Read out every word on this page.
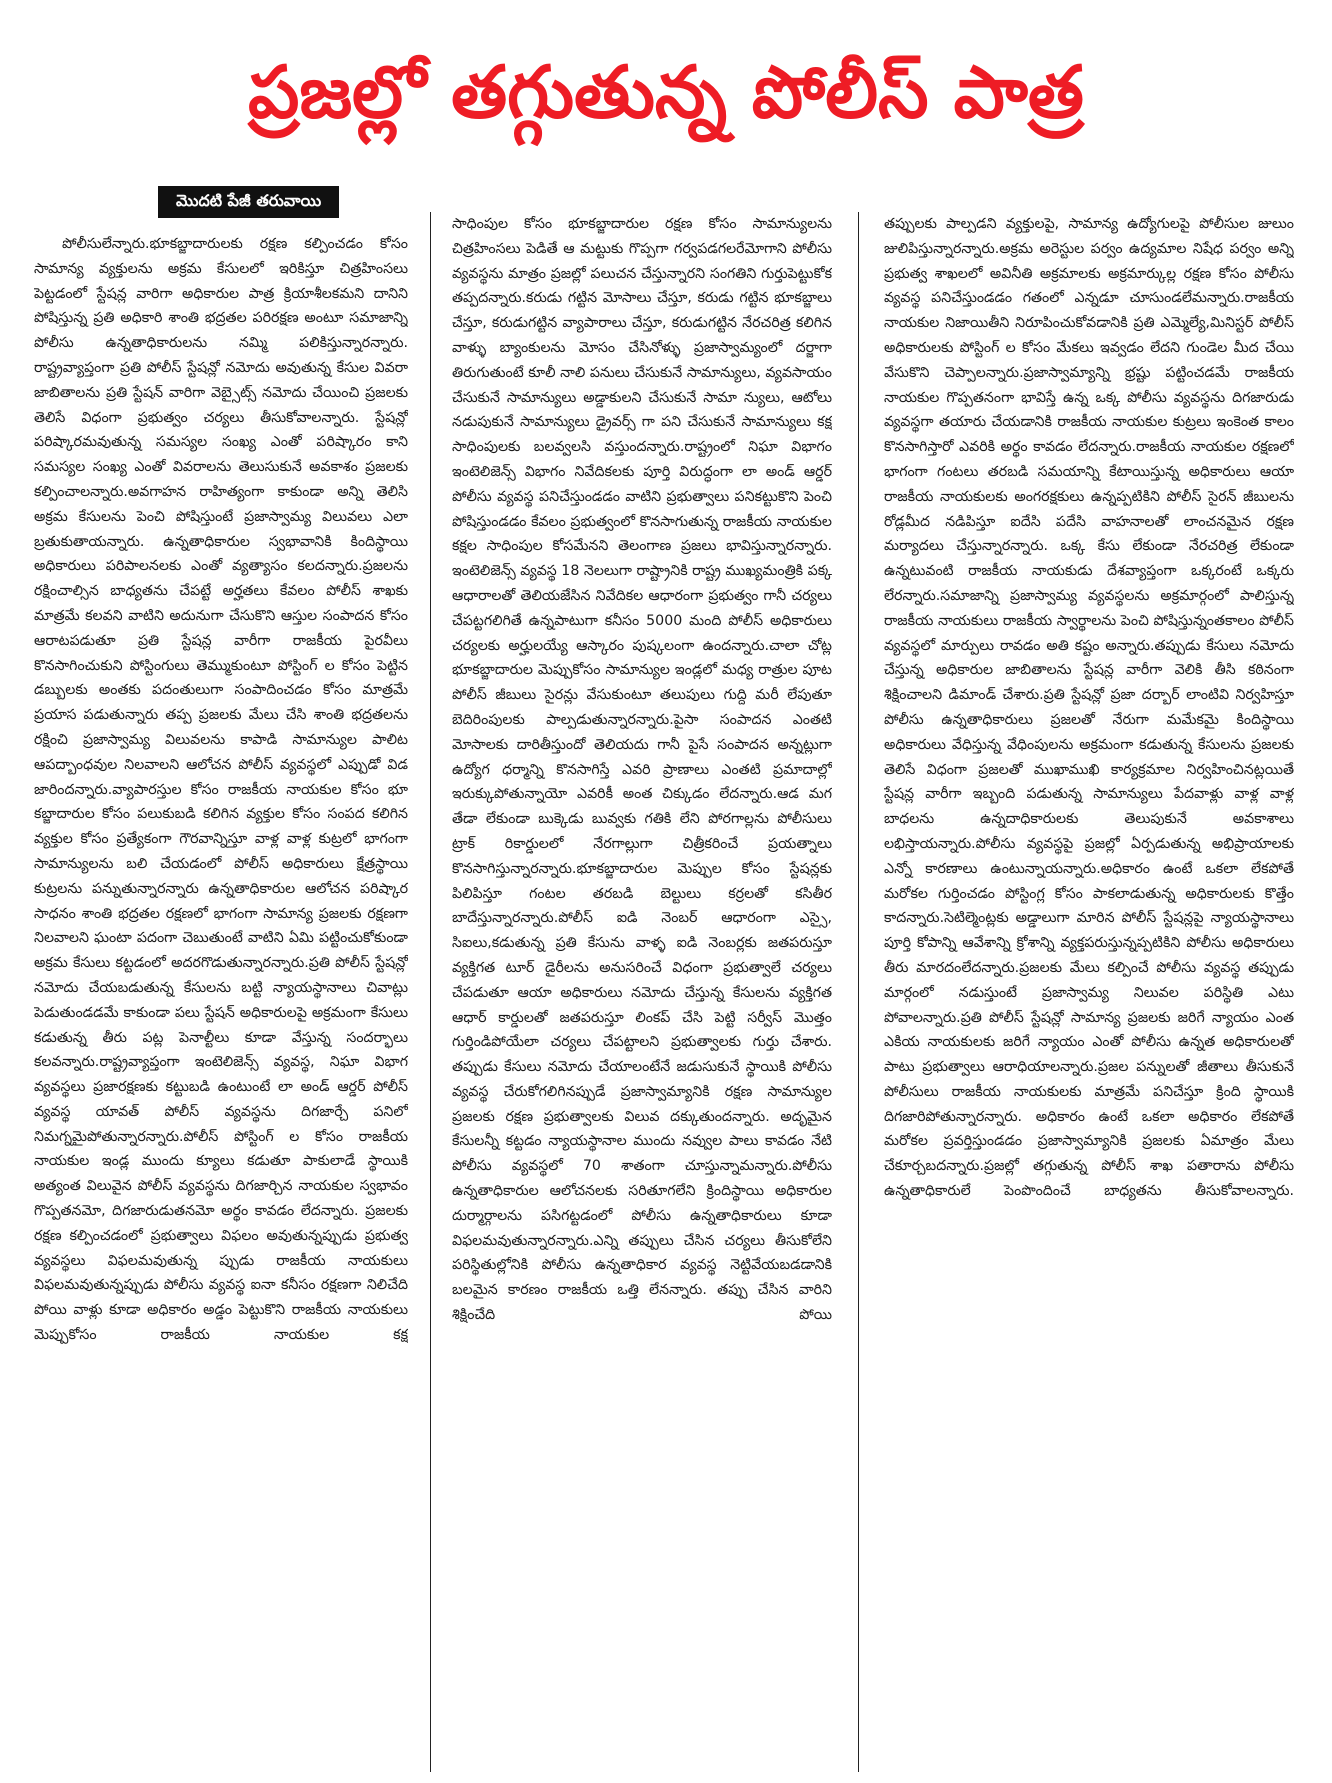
ప్రజల్లో తగ్గుతున్న పోలీస్ పాత్ర
మొదటి పేజీ తరువాయి

పోలీసులేన్నారు.భూకబ్జాదారులకు రక్షణ కల్పించడం కోసం సామాన్య వ్యక్తులను అక్రమ కేసులలో ఇరికిస్తూ చిత్రహింసలు పెట్టడంలో స్టేషన్ల వారిగా అధికారుల పాత్ర క్రియాశీలకమని దానిని పోషిస్తున్న ప్రతి అధికారి శాంతి భద్రతల పరిరక్షణ అంటూ సమాజాన్ని పోలీసు ఉన్నతాధికారులను నమ్మి పలికిస్తున్నారన్నారు. రాష్ట్రవ్యాప్తంగా ప్రతి పోలీస్ స్టేషన్లో నమోదు అవుతున్న కేసుల వివరా జాబితాలను ప్రతి స్టేషన్ వారిగా వెబ్సైట్స్ నమోదు చేయించి ప్రజలకు తెలిసే విధంగా ప్రభుత్వం చర్యలు తీసుకోవాలన్నారు. స్టేషన్లో పరిష్కారమవుతున్న సమస్యల సంఖ్య ఎంతో పరిష్కారం కాని సమస్యల సంఖ్య ఎంతో వివరాలను తెలుసుకునే అవకాశం ప్రజలకు కల్పించాలన్నారు.అవగాహన రాహిత్యంగా కాకుండా అన్ని తెలిసి అక్రమ కేసులను పెంచి పోషిస్తుంటే ప్రజాస్వామ్య విలువలు ఎలా బ్రతుకుతాయన్నారు. ఉన్నతాధికారుల స్వభావానికి కిందిస్థాయి అధికారులు పరిపాలనలకు ఎంతో వ్యత్యాసం కలదన్నారు.ప్రజలను రక్షించాల్సిన బాధ్యతను చేపట్టే అర్హతలు కేవలం పోలీస్ శాఖకు మాత్రమే కలవని వాటిని అదునుగా చేసుకొని ఆస్తుల సంపాదన కోసం ఆరాటపడుతూ ప్రతి స్టేషన్ల వారీగా రాజకీయ పైరవీలు కొనసాగించుకుని పోస్టింగులు తెమ్ముకుంటూ పోస్టింగ్ ల కోసం పెట్టిన డబ్బులకు అంతకు పదంతులుగా సంపాదించడం కోసం మాత్రమే ప్రయాస పడుతున్నారు తప్ప ప్రజలకు మేలు చేసి శాంతి భద్రతలను రక్షించి ప్రజాస్వామ్య విలువలను కాపాడి సామాన్యుల పాలిట ఆపద్బాంధవుల నిలవాలని ఆలోచన పోలీస్ వ్యవస్థలో ఎప్పుడో విడ జారిందన్నారు.వ్యాపారస్తుల కోసం రాజకీయ నాయకుల కోసం భూ కబ్జాదారుల కోసం పలుకుబడి కలిగిన వ్యక్తుల కోసం సంపద కలిగిన వ్యక్తుల కోసం ప్రత్యేకంగా గౌరవాన్నిస్తూ వాళ్ల వాళ్ల కుట్రలో భాగంగా సామాన్యులను బలి చేయడంలో పోలీస్ అధికారులు క్షేత్రస్థాయి కుట్రలను పన్నుతున్నారన్నారు ఉన్నతాధికారుల ఆలోచన పరిష్కార సాధనం శాంతి భద్రతల రక్షణలో భాగంగా సామాన్య ప్రజలకు రక్షణగా నిలవాలని ఘంటా పదంగా చెబుతుంటే వాటిని ఏమి పట్టించుకోకుండా అక్రమ కేసులు కట్టడంలో అదరగొడుతున్నారన్నారు.ప్రతి పోలీస్ స్టేషన్లో నమోదు చేయబడుతున్న కేసులను బట్టి న్యాయస్థానాలు చివాట్లు పెడుతుండడమే కాకుండా పలు స్టేషన్ అధికారులపై అక్రమంగా కేసులు కడుతున్న తీరు పట్ల పెనాల్టీలు కూడా వేస్తున్న సందర్భాలు కలవన్నారు.రాష్ట్రవ్యాప్తంగా ఇంటెలిజెన్స్ వ్యవస్థ, నిఘా విభాగ వ్యవస్థలు ప్రజారక్షణకు కట్టుబడి ఉంటుంటే లా అండ్ ఆర్డర్ పోలీస్ వ్యవస్థ యావత్ పోలీస్ వ్యవస్థను దిగజార్చే పనిలో నిమగ్నమైపోతున్నారన్నారు.పోలీస్ పోస్టింగ్ ల కోసం రాజకీయ నాయకుల ఇండ్ల ముందు క్యూలు కడుతూ పాకులాడే స్థాయికి అత్యంత విలువైన పోలీస్ వ్యవస్థను దిగజార్చిన నాయకుల స్వభావం గొప్పతనమో, దిగజారుడుతనమో అర్థం కావడం లేదన్నారు. ప్రజలకు రక్షణ కల్పించడంలో ప్రభుత్వాలు విఫలం అవుతున్నప్పుడు ప్రభుత్వ వ్యవస్థలు విఫలమవుతున్న ప్పుడు రాజకీయ నాయకులు విఫలమవుతున్నప్పుడు పోలీసు వ్యవస్థ ఐనా కనీసం రక్షణగా నిలిచేది పోయి వాళ్లు కూడా అధికారం అడ్డం పెట్టుకొని రాజకీయ నాయకులు మెప్పుకోసం రాజకీయ నాయకుల కక్ష

సాధింపుల కోసం భూకబ్జాదారుల రక్షణ కోసం సామాన్యులను చిత్రహింసలు పెడితే ఆ మట్టుకు గొప్పగా గర్వపడగలరేమోగాని పోలీసు వ్యవస్థను మాత్రం ప్రజల్లో పలుచన చేస్తున్నారని సంగతిని గుర్తుపెట్టుకోక తప్పదన్నారు.కరుడు గట్టిన మోసాలు చేస్తూ, కరుడు గట్టిన భూకబ్జాలు చేస్తూ, కరుడుగట్టిన వ్యాపారాలు చేస్తూ, కరుడుగట్టిన నేరచరిత్ర కలిగిన వాళ్ళు బ్యాంకులను మోసం చేసినోళ్ళు ప్రజాస్వామ్యంలో దర్జాగా తిరుగుతుంటే కూలీ నాలి పనులు చేసుకునే సామాన్యులు, వ్యవసాయం చేసుకునే సామాన్యులు అడ్డాకులని చేసుకునే సామా న్యులు, ఆటోలు నడుపుకునే సామాన్యులు డ్రైవర్స్ గా పని చేసుకునే సామాన్యులు కక్ష సాధింపులకు బలవ్వలసి వస్తుందన్నారు.రాష్ట్రంలో నిఘా విభాగం ఇంటెలిజెన్స్ విభాగం నివేదికలకు పూర్తి విరుద్ధంగా లా అండ్ ఆర్డర్ పోలీసు వ్యవస్థ పనిచేస్తుండడం వాటిని ప్రభుత్వాలు పనికట్టుకొని పెంచి పోషిస్తుండడం కేవలం ప్రభుత్వంలో కొనసాగుతున్న రాజకీయ నాయకుల కక్షల సాధింపుల కోసమేనని తెలంగాణ ప్రజలు భావిస్తున్నారన్నారు. ఇంటెలిజెన్స్ వ్యవస్థ 18 నెలలుగా రాష్ట్రానికి రాష్ట్ర ముఖ్యమంత్రికి పక్క ఆధారాలతో తెలియజేసిన నివేదికల ఆధారంగా ప్రభుత్వం గానీ చర్యలు చేపట్టగలిగితే ఉన్నపాటుగా కనీసం 5000 మంది పోలీస్ అధికారులు చర్యలకు అర్హులయ్యే ఆస్కారం పుష్కలంగా ఉందన్నారు.చాలా చోట్ల భూకబ్జాదారుల మెప్పుకోసం సామాన్యుల ఇండ్లలో మధ్య రాత్రుల పూట పోలీస్ జీబులు సైరన్లు వేసుకుంటూ తలుపులు గుద్ది మరీ లేపుతూ బెదిరింపులకు పాల్పడుతున్నారన్నారు.పైసా సంపాదన ఎంతటి మోసాలకు దారితీస్తుందో తెలియదు గానీ పైసే సంపాదన అన్నట్లుగా ఉద్యోగ ధర్మాన్ని కొనసాగిస్తే ఎవరి ప్రాణాలు ఎంతటి ప్రమాదాల్లో ఇరుక్కుపోతున్నాయో ఎవరికీ అంత చిక్కుడం లేదన్నారు.ఆడ మగ తేడా లేకుండా బుక్కెడు బువ్వకు గతికి లేని పోరగాల్లను పోలీసులు ట్రాక్ రికార్డులలో నేరగాల్లుగా చిత్రీకరించే ప్రయత్నాలు కొనసాగిస్తున్నారన్నారు.భూకబ్జాదారుల మెప్పుల కోసం స్టేషన్లకు పిలిపిస్తూ గంటల తరబడి బెల్టులు కర్రలతో కసితీర బాదేస్తున్నారన్నారు.పోలీస్ ఐడి నెంబర్ ఆధారంగా ఎస్సై, సిఐలు,కడుతున్న ప్రతి కేసును వాళ్ళ ఐడి నెంబర్లకు జతపరుస్తూ వ్యక్తిగత టూర్ డైరీలను అనుసరించే విధంగా ప్రభుత్వాలే చర్యలు చేపడుతూ ఆయా అధికారులు నమోదు చేస్తున్న కేసులను వ్యక్తిగత ఆధార్ కార్డులతో జతపరుస్తూ లింకప్ చేసి పెట్టి సర్వీస్ మొత్తం గుర్తిండిపోయేలా చర్యలు చేపట్టాలని ప్రభుత్వాలకు గుర్తు చేశారు. తప్పుడు కేసులు నమోదు చేయాలంటేనే జడుసుకునే స్థాయికి పోలీసు వ్యవస్థ చేరుకోగలిగినప్పుడే ప్రజాస్వామ్యానికి రక్షణ సామాన్యుల ప్రజలకు రక్షణ ప్రభుత్వాలకు విలువ దక్కుతుందన్నారు. అదృమైన కేసులన్నీ కట్టడం న్యాయస్థానాల ముందు నవ్వుల పాలు కావడం నేటి పోలీసు వ్యవస్థలో 70 శాతంగా చూస్తున్నామన్నారు.పోలీసు ఉన్నతాధికారుల ఆలోచనలకు సరితూగలేని క్రిందిస్థాయి అధికారుల దుర్మార్గాలను పసిగట్టడంలో పోలీసు ఉన్నతాధికారులు కూడా విఫలమవుతున్నారన్నారు.ఎన్ని తప్పులు చేసిన చర్యలు తీసుకోలేని పరిస్థితుల్లోనికి పోలీసు ఉన్నతాధికార వ్యవస్థ నెట్టివేయబడడానికి బలమైన కారణం రాజకీయ ఒత్తి లేనన్నారు. తప్పు చేసిన వారిని శిక్షించేది పోయి

తప్పులకు పాల్పడని వ్యక్తులపై, సామాన్య ఉద్యోగులపై పోలీసుల జులుం జులిపిస్తున్నారన్నారు.అక్రమ అరెస్టుల పర్వం ఉద్యమాల నిషేధ పర్వం అన్ని ప్రభుత్వ శాఖలలో అవినీతి అక్రమాలకు అక్రమార్కుల్ల రక్షణ కోసం పోలీసు వ్యవస్థ పనిచేస్తుండడం గతంలో ఎన్నడూ చూసుండలేమన్నారు.రాజకీయ నాయకుల నిజాయితీని నిరూపించుకోవడానికి ప్రతి ఎమ్మెల్యే,మినిస్టర్ పోలీస్ అధికారులకు పోస్టింగ్ ల కోసం మేకలు ఇవ్వడం లేదని గుండెల మీద చేయి వేసుకొని చెప్పాలన్నారు.ప్రజాస్వామ్యాన్ని భ్రష్టు పట్టించడమే రాజకీయ నాయకుల గొప్పతనంగా భావిస్తే ఉన్న ఒక్క పోలీసు వ్యవస్థను దిగజారుడు వ్యవస్థగా తయారు చేయడానికి రాజకీయ నాయకుల కుట్రలు ఇంకెంత కాలం కొనసాగిస్తారో ఎవరికి అర్థం కావడం లేదన్నారు.రాజకీయ నాయకుల రక్షణలో భాగంగా గంటలు తరబడి సమయాన్ని కేటాయిస్తున్న అధికారులు ఆయా రాజకీయ నాయకులకు అంగరక్షకులు ఉన్నప్పటికిని పోలీస్ సైరన్ జీబులను రోడ్లమీద నడిపిస్తూ ఐదేసి పదేసి వాహనాలతో లాంచనమైన రక్షణ మర్యాదలు చేస్తున్నారన్నారు. ఒక్క కేసు లేకుండా నేరచరిత్ర లేకుండా ఉన్నటువంటి రాజకీయ నాయకుడు దేశవ్యాప్తంగా ఒక్కరంటే ఒక్కరు లేరన్నారు.సమాజాన్ని ప్రజాస్వామ్య వ్యవస్థలను అక్రమార్గంలో పాలిస్తున్న రాజకీయ నాయకులు రాజకీయ స్వార్థాలను పెంచి పోషిస్తున్నంతకాలం పోలీస్ వ్యవస్థలో మార్పులు రావడం అతి కష్టం అన్నారు.తప్పుడు కేసులు నమోదు చేస్తున్న అధికారుల జాబితాలను స్టేషన్ల వారీగా వెలికి తీసి కఠినంగా శిక్షించాలని డిమాండ్ చేశారు.ప్రతి స్టేషన్లో ప్రజా దర్బార్ లాంటివి నిర్వహిస్తూ పోలీసు ఉన్నతాధికారులు ప్రజలతో నేరుగా మమేకమై కిందిస్థాయి అధికారులు వేధిస్తున్న వేధింపులను అక్రమంగా కడుతున్న కేసులను ప్రజలకు తెలిసే విధంగా ప్రజలతో ముఖాముఖి కార్యక్రమాల నిర్వహించినట్లయితే స్టేషన్ల వారీగా ఇబ్బంది పడుతున్న సామాన్యులు పేదవాళ్లు వాళ్ల వాళ్ల బాధలను ఉన్నదాధికారులకు తెలుపుకునే అవకాశాలు లభిస్తాయన్నారు.పోలీసు వ్యవస్థపై ప్రజల్లో ఏర్పడుతున్న అభిప్రాయాలకు ఎన్నో కారణాలు ఉంటున్నాయన్నారు.అధికారం ఉంటే ఒకలా లేకపోతే మరోకల గుర్తించడం పోస్టింగ్ల కోసం పాకలాడుతున్న అధికారులకు కొత్తేం కాదన్నారు.సెటిల్మెంట్లకు అడ్డాలుగా మారిన పోలీస్ స్టేషన్లపై న్యాయస్థానాలు పూర్తి కోపాన్ని ఆవేశాన్ని క్రోశాన్ని వ్యక్తపరుస్తున్నప్పటికిని పోలీసు అధికారులు తీరు మారదంలేదన్నారు.ప్రజలకు మేలు కల్పించే పోలీసు వ్యవస్థ తప్పుడు మార్గంలో నడుస్తుంటే ప్రజాస్వామ్య నిలువల పరిస్థితి ఎటు పోవాలన్నారు.ప్రతి పోలీస్ స్టేషన్లో సామాన్య ప్రజలకు జరిగే న్యాయం ఎంత ఎకియ నాయకులకు జరిగే న్యాయం ఎంతో పోలీసు ఉన్నత అధికారులతో పాటు ప్రభుత్వాలు ఆరాధియాలన్నారు.ప్రజల పన్నులతో జీతాలు తీసుకునే పోలీసులు రాజకీయ నాయకులకు మాత్రమే పనిచేస్తూ క్రింది స్థాయికి దిగజారిపోతున్నారన్నారు. అధికారం ఉంటే ఒకలా అధికారం లేకపోతే మరోకల ప్రవర్తిస్తుండడం ప్రజాస్వామ్యానికి ప్రజలకు ఏమాత్రం మేలు చేకూర్చబదన్నారు.ప్రజల్లో తగ్గుతున్న పోలీస్ శాఖ పతారాను పోలీసు ఉన్నతాధికారులే పెంపొందించే బాధ్యతను తీసుకోవాలన్నారు.
